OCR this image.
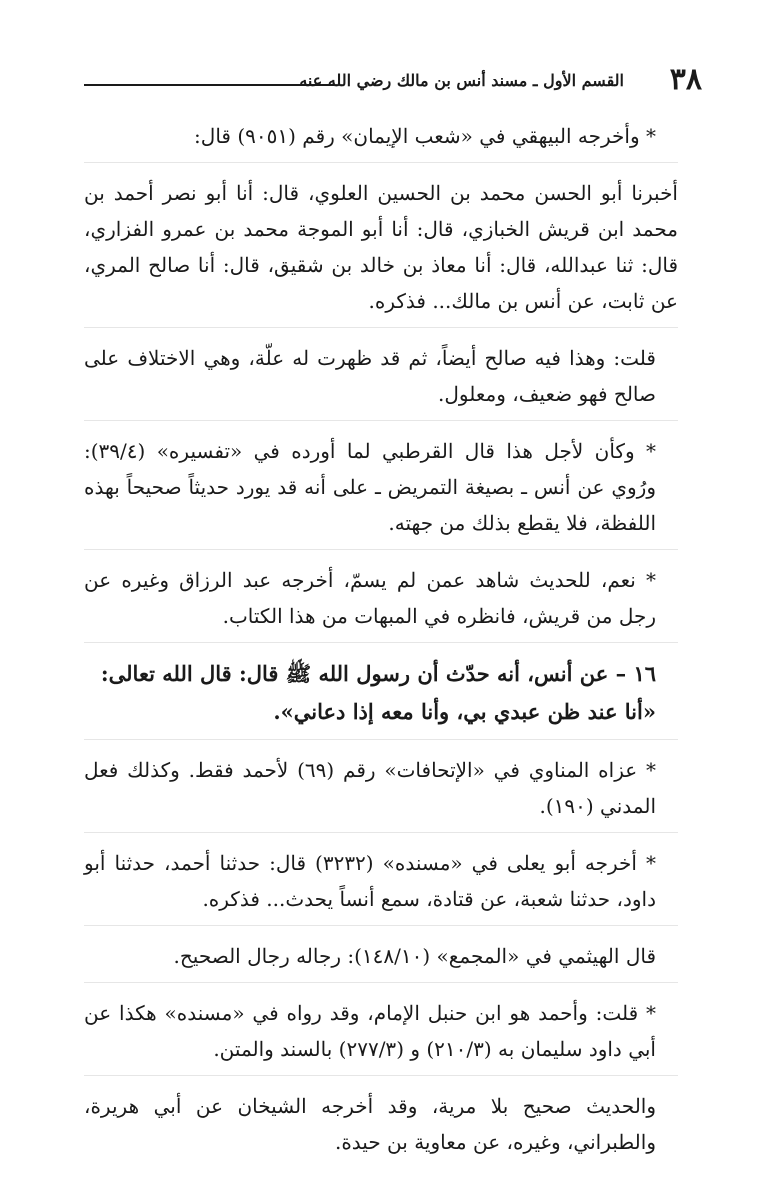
٣٨
القسم الأول ـ مسند أنس بن مالك رضي الله عنه

* وأخرجه البيهقي في «شعب الإيمان» رقم (٩٠٥١) قال:

أخبرنا أبو الحسن محمد بن الحسين العلوي، قال: أنا أبو نصر أحمد بن محمد ابن قريش الخبازي، قال: أنا أبو الموجة محمد بن عمرو الفزاري، قال: ثنا عبدالله، قال: أنا معاذ بن خالد بن شقيق، قال: أنا صالح المري، عن ثابت، عن أنس بن مالك... فذكره.

قلت: وهذا فيه صالح أيضاً، ثم قد ظهرت له علّة، وهي الاختلاف على صالح فهو ضعيف، ومعلول.

* وكأن لأجل هذا قال القرطبي لما أورده في «تفسيره» (٣٩/٤): ورُوي عن أنس ـ بصيغة التمريض ـ على أنه قد يورد حديثاً صحيحاً بهذه اللفظة، فلا يقطع بذلك من جهته.

* نعم، للحديث شاهد عمن لم يسمّ، أخرجه عبد الرزاق وغيره عن رجل من قريش، فانظره في المبهات من هذا الكتاب.

١٦ – عن أنس، أنه حدّث أن رسول الله ﷺ قال: قال الله تعالى:

«أنا عند ظن عبدي بي، وأنا معه إذا دعاني».

* عزاه المناوي في «الإتحافات» رقم (٦٩) لأحمد فقط. وكذلك فعل المدني (١٩٠).

* أخرجه أبو يعلى في «مسنده» (٣٢٣٢) قال: حدثنا أحمد، حدثنا أبو داود، حدثنا شعبة، عن قتادة، سمع أنساً يحدث... فذكره.

قال الهيثمي في «المجمع» (١٤٨/١٠): رجاله رجال الصحيح.

* قلت: وأحمد هو ابن حنبل الإمام، وقد رواه في «مسنده» هكذا عن أبي داود سليمان به (٢١٠/٣) و (٢٧٧/٣) بالسند والمتن.

والحديث صحيح بلا مرية، وقد أخرجه الشيخان عن أبي هريرة، والطبراني، وغيره، عن معاوية بن حيدة.
